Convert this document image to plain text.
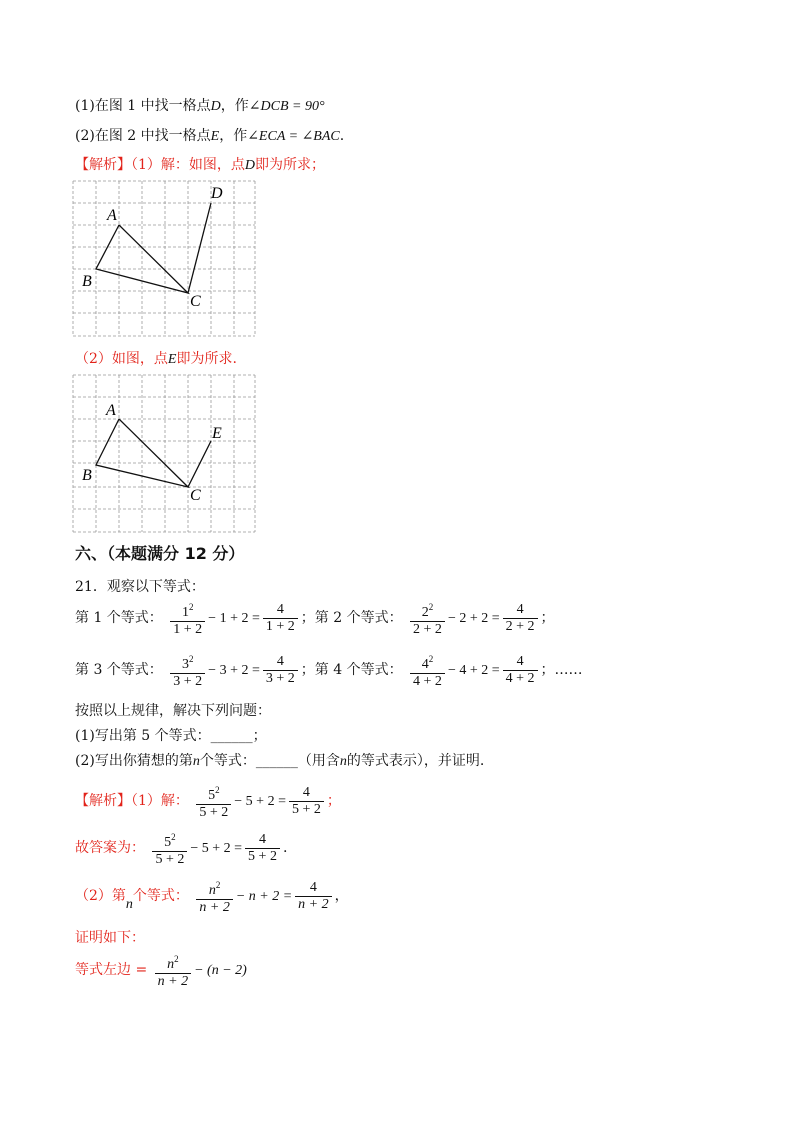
(1)在图 1 中找一格点D，作∠DCB = 90°
(2)在图 2 中找一格点E，作∠ECA = ∠BAC.
【解析】（1）解：如图，点D即为所求；
A
B
C
D
（2）如图，点E即为所求.
A
B
C
E
六、（本题满分 12 分）
21．观察以下等式：
第 1 个等式： $\frac{1^2}{1 + 2} - 1 + 2 = \frac{4}{1 + 2}$ ；第 2 个等式： $\frac{2^2}{2 + 2} - 2 + 2 = \frac{4}{2 + 2}$ ；
第 3 个等式： $\frac{3^2}{3 + 2} - 3 + 2 = \frac{4}{3 + 2}$ ；第 4 个等式： $\frac{4^2}{4 + 2} - 4 + 2 = \frac{4}{4 + 2}$ ；……
按照以上规律，解决下列问题：
(1)写出第 5 个等式：______；
(2)写出你猜想的第n个等式：______（用含n的等式表示），并证明.
【解析】（1）解： $\frac{5^2}{5 + 2} - 5 + 2 = \frac{4}{5 + 2}$ ；
故答案为： $\frac{5^2}{5 + 2} - 5 + 2 = \frac{4}{5 + 2}$ .
（2）第n个等式： $\frac{n^2}{n + 2} - n + 2 = \frac{4}{n + 2}$ ，
证明如下：
等式左边 = $\frac{n^2}{n + 2} - (n - 2)$
